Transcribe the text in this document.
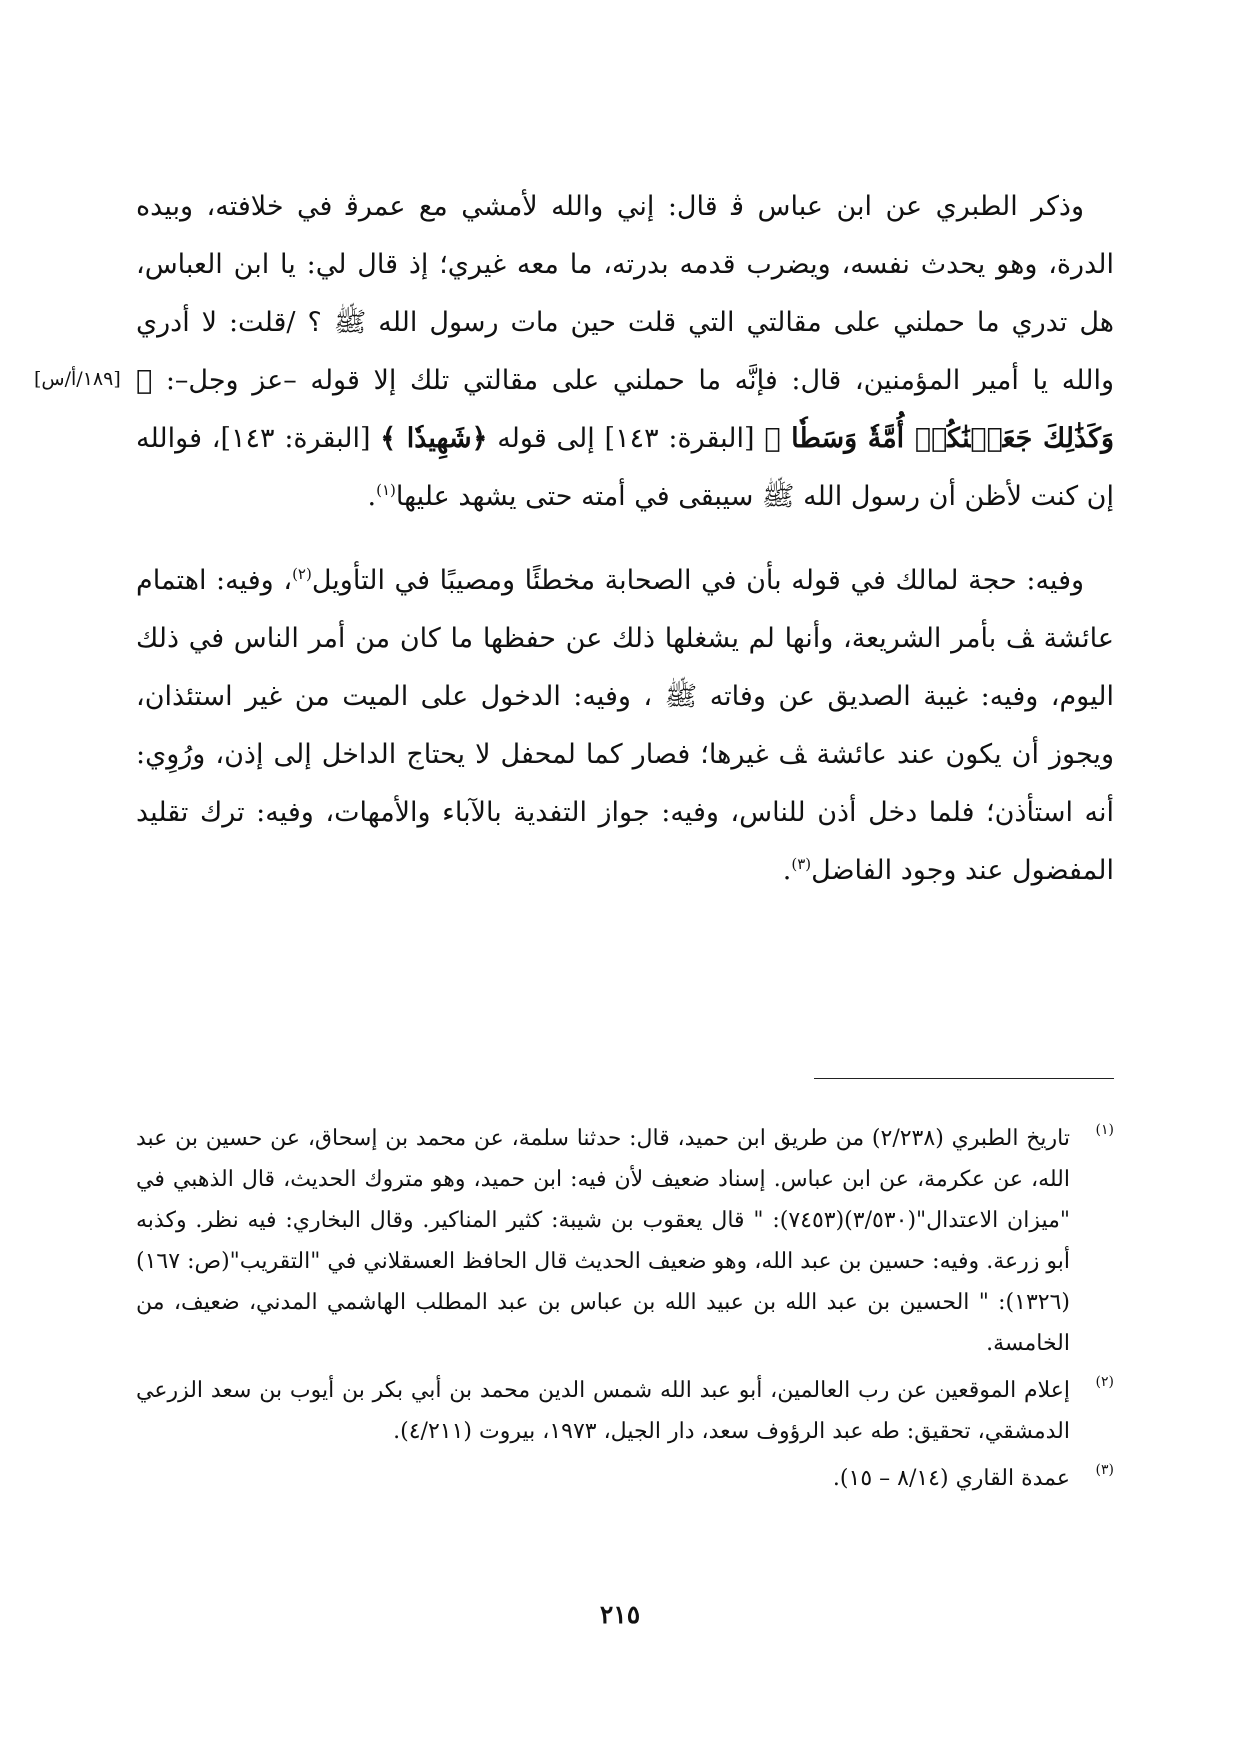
[١٨٩/أ/س]

وذكر الطبري عن ابن عباس ﭬ قال: إني والله لأمشي مع عمرﭬ في خلافته، وبيده الدرة، وهو يحدث نفسه، ويضرب قدمه بدرته، ما معه غيري؛ إذ قال لي: يا ابن العباس، هل تدري ما حملني على مقالتي التي قلت حين مات رسول الله ﷺ ؟ /قلت: لا أدري والله يا أمير المؤمنين، قال: فإنَّه ما حملني على مقالتي تلك إلا قوله –عز وجل–: ﴿ وَكَذَٰلِكَ جَعَلۡنَٰكُمۡ أُمَّةٗ وَسَطٗا ﴾ [البقرة: ١٤٣] إلى قوله ﴿شَهِيدٗا ﴾ [البقرة: ١٤٣]، فوالله إن كنت لأظن أن رسول الله ﷺ سيبقى في أمته حتى يشهد عليها$^{(١)}$.

وفيه: حجة لمالك في قوله بأن في الصحابة مخطئًا ومصيبًا في التأويل$^{(٢)}$، وفيه: اهتمام عائشة ﭫ بأمر الشريعة، وأنها لم يشغلها ذلك عن حفظها ما كان من أمر الناس في ذلك اليوم، وفيه: غيبة الصديق عن وفاته ﷺ ، وفيه: الدخول على الميت من غير استئذان، ويجوز أن يكون عند عائشة ﭫ غيرها؛ فصار كما لمحفل لا يحتاج الداخل إلى إذن، ورُوِي: أنه استأذن؛ فلما دخل أذن للناس، وفيه: جواز التفدية بالآباء والأمهات، وفيه: ترك تقليد المفضول عند وجود الفاضل$^{(٣)}$.

(١)
تاريخ الطبري (٢/٢٣٨) من طريق ابن حميد، قال: حدثنا سلمة، عن محمد بن إسحاق، عن حسين بن عبد الله، عن عكرمة، عن ابن عباس. إسناد ضعيف لأن فيه: ابن حميد، وهو متروك الحديث، قال الذهبي في "ميزان الاعتدال"(٣/٥٣٠)(٧٤٥٣): " قال يعقوب بن شيبة: كثير المناكير. وقال البخاري: فيه نظر. وكذبه أبو زرعة. وفيه: حسين بن عبد الله، وهو ضعيف الحديث قال الحافظ العسقلاني في "التقريب"(ص: ١٦٧)(١٣٢٦): " الحسين بن عبد الله بن عبيد الله بن عباس بن عبد المطلب الهاشمي المدني، ضعيف، من الخامسة.
(٢)
إعلام الموقعين عن رب العالمين، أبو عبد الله شمس الدين محمد بن أبي بكر بن أيوب بن سعد الزرعي الدمشقي، تحقيق: طه عبد الرؤوف سعد، دار الجيل، ١٩٧٣، بيروت (٤/٢١١).
(٣)
عمدة القاري (٨/١٤ – ١٥).
٢١٥
